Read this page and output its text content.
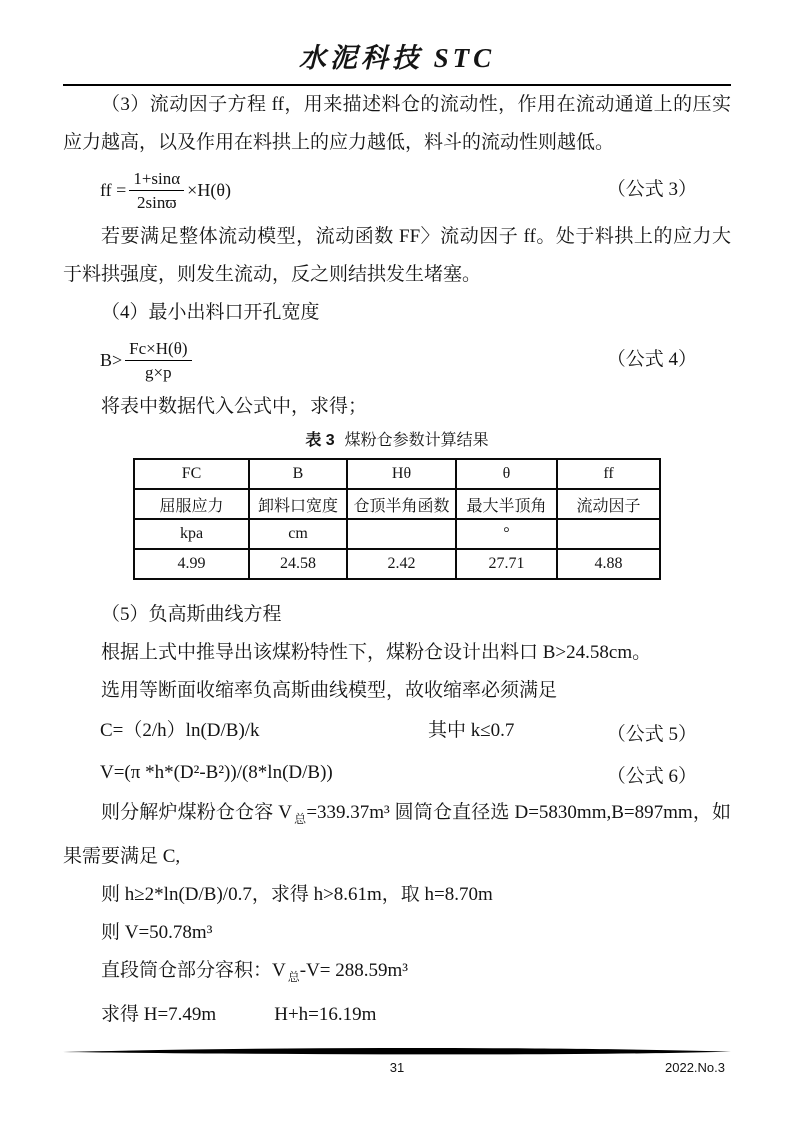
水泥科技 STC

（3）流动因子方程 ff，用来描述料仓的流动性，作用在流动通道上的压实应力越高，以及作用在料拱上的应力越低，料斗的流动性则越低。

ff = $\frac{1+\sin\alpha}{2\sin ϖ} \times H(\theta)$	（公式 3）

若要满足整体流动模型，流动函数 FF〉流动因子 ff。处于料拱上的应力大于料拱强度，则发生流动，反之则结拱发生堵塞。

（4）最小出料口开孔宽度

$B> \frac{Fc\times H(\theta)}{g\times p}$	（公式 4）

将表中数据代入公式中，求得；

表 3 煤粉仓参数计算结果
FC	B	Hθ	θ	ff
屈服应力	卸料口宽度	仓顶半角函数	最大半顶角	流动因子
kpa	cm		°	
4.99	24.58	2.42	27.71	4.88

（5）负高斯曲线方程

根据上式中推导出该煤粉特性下，煤粉仓设计出料口 B>24.58cm。

选用等断面收缩率负高斯曲线模型，故收缩率必须满足

C=（2/h）ln(D/B)/k	其中 k≤0.7	（公式 5）
V=(π *h*(D²-B²))/(8*ln(D/B))	（公式 6）

则分解炉煤粉仓仓容 V $_总$=339.37m³ 圆筒仓直径选 D=5830mm,B=897mm，如果需要满足 C,

则 h≥2*ln(D/B)/0.7，求得 h>8.61m，取 h=8.70m

则 V=50.78m³

直段筒仓部分容积：V $_总$-V= 288.59m³

求得 H=7.49m	H+h=16.19m

31	2022.No.3
